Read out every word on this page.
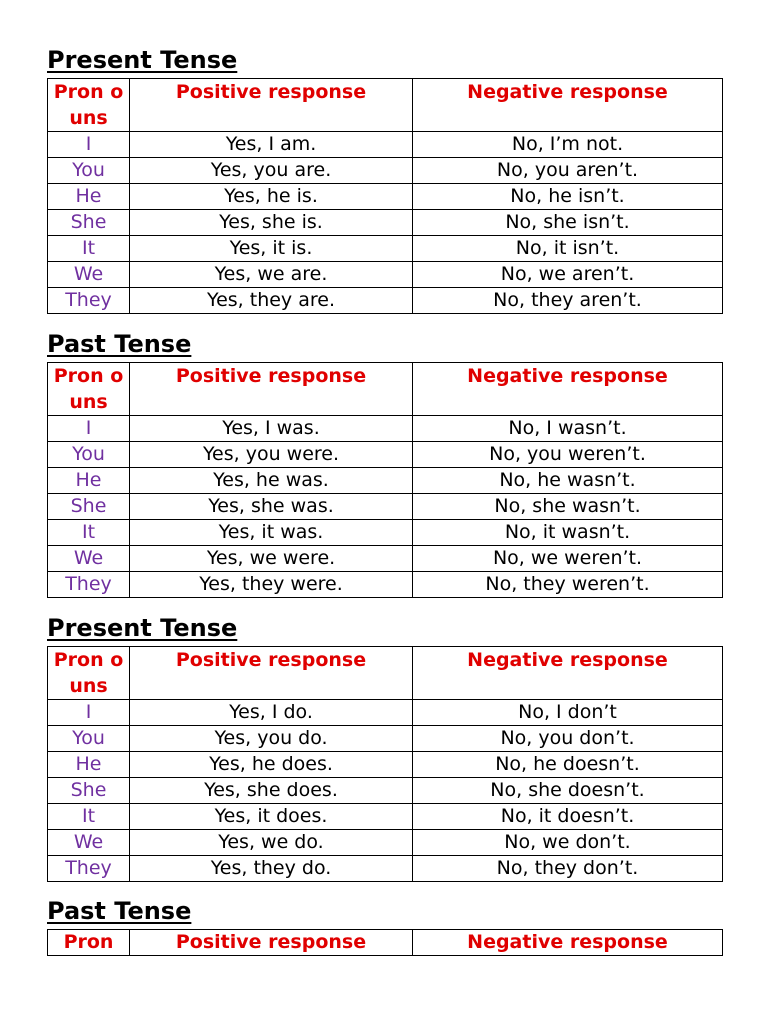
Present Tense
Pron ouns	Positive response	Negative response
I	Yes, I am.	No, I’m not.
You	Yes, you are.	No, you aren’t.
He	Yes, he is.	No, he isn’t.
She	Yes, she is.	No, she isn’t.
It	Yes, it is.	No, it isn’t.
We	Yes, we are.	No, we aren’t.
They	Yes, they are.	No, they aren’t.
Past Tense
Pron ouns	Positive response	Negative response
I	Yes, I was.	No, I wasn’t.
You	Yes, you were.	No, you weren’t.
He	Yes, he was.	No, he wasn’t.
She	Yes, she was.	No, she wasn’t.
It	Yes, it was.	No, it wasn’t.
We	Yes, we were.	No, we weren’t.
They	Yes, they were.	No, they weren’t.
Present Tense
Pron ouns	Positive response	Negative response
I	Yes, I do.	No, I don’t
You	Yes, you do.	No, you don’t.
He	Yes, he does.	No, he doesn’t.
She	Yes, she does.	No, she doesn’t.
It	Yes, it does.	No, it doesn’t.
We	Yes, we do.	No, we don’t.
They	Yes, they do.	No, they don’t.
Past Tense
Pron	Positive response	Negative response
